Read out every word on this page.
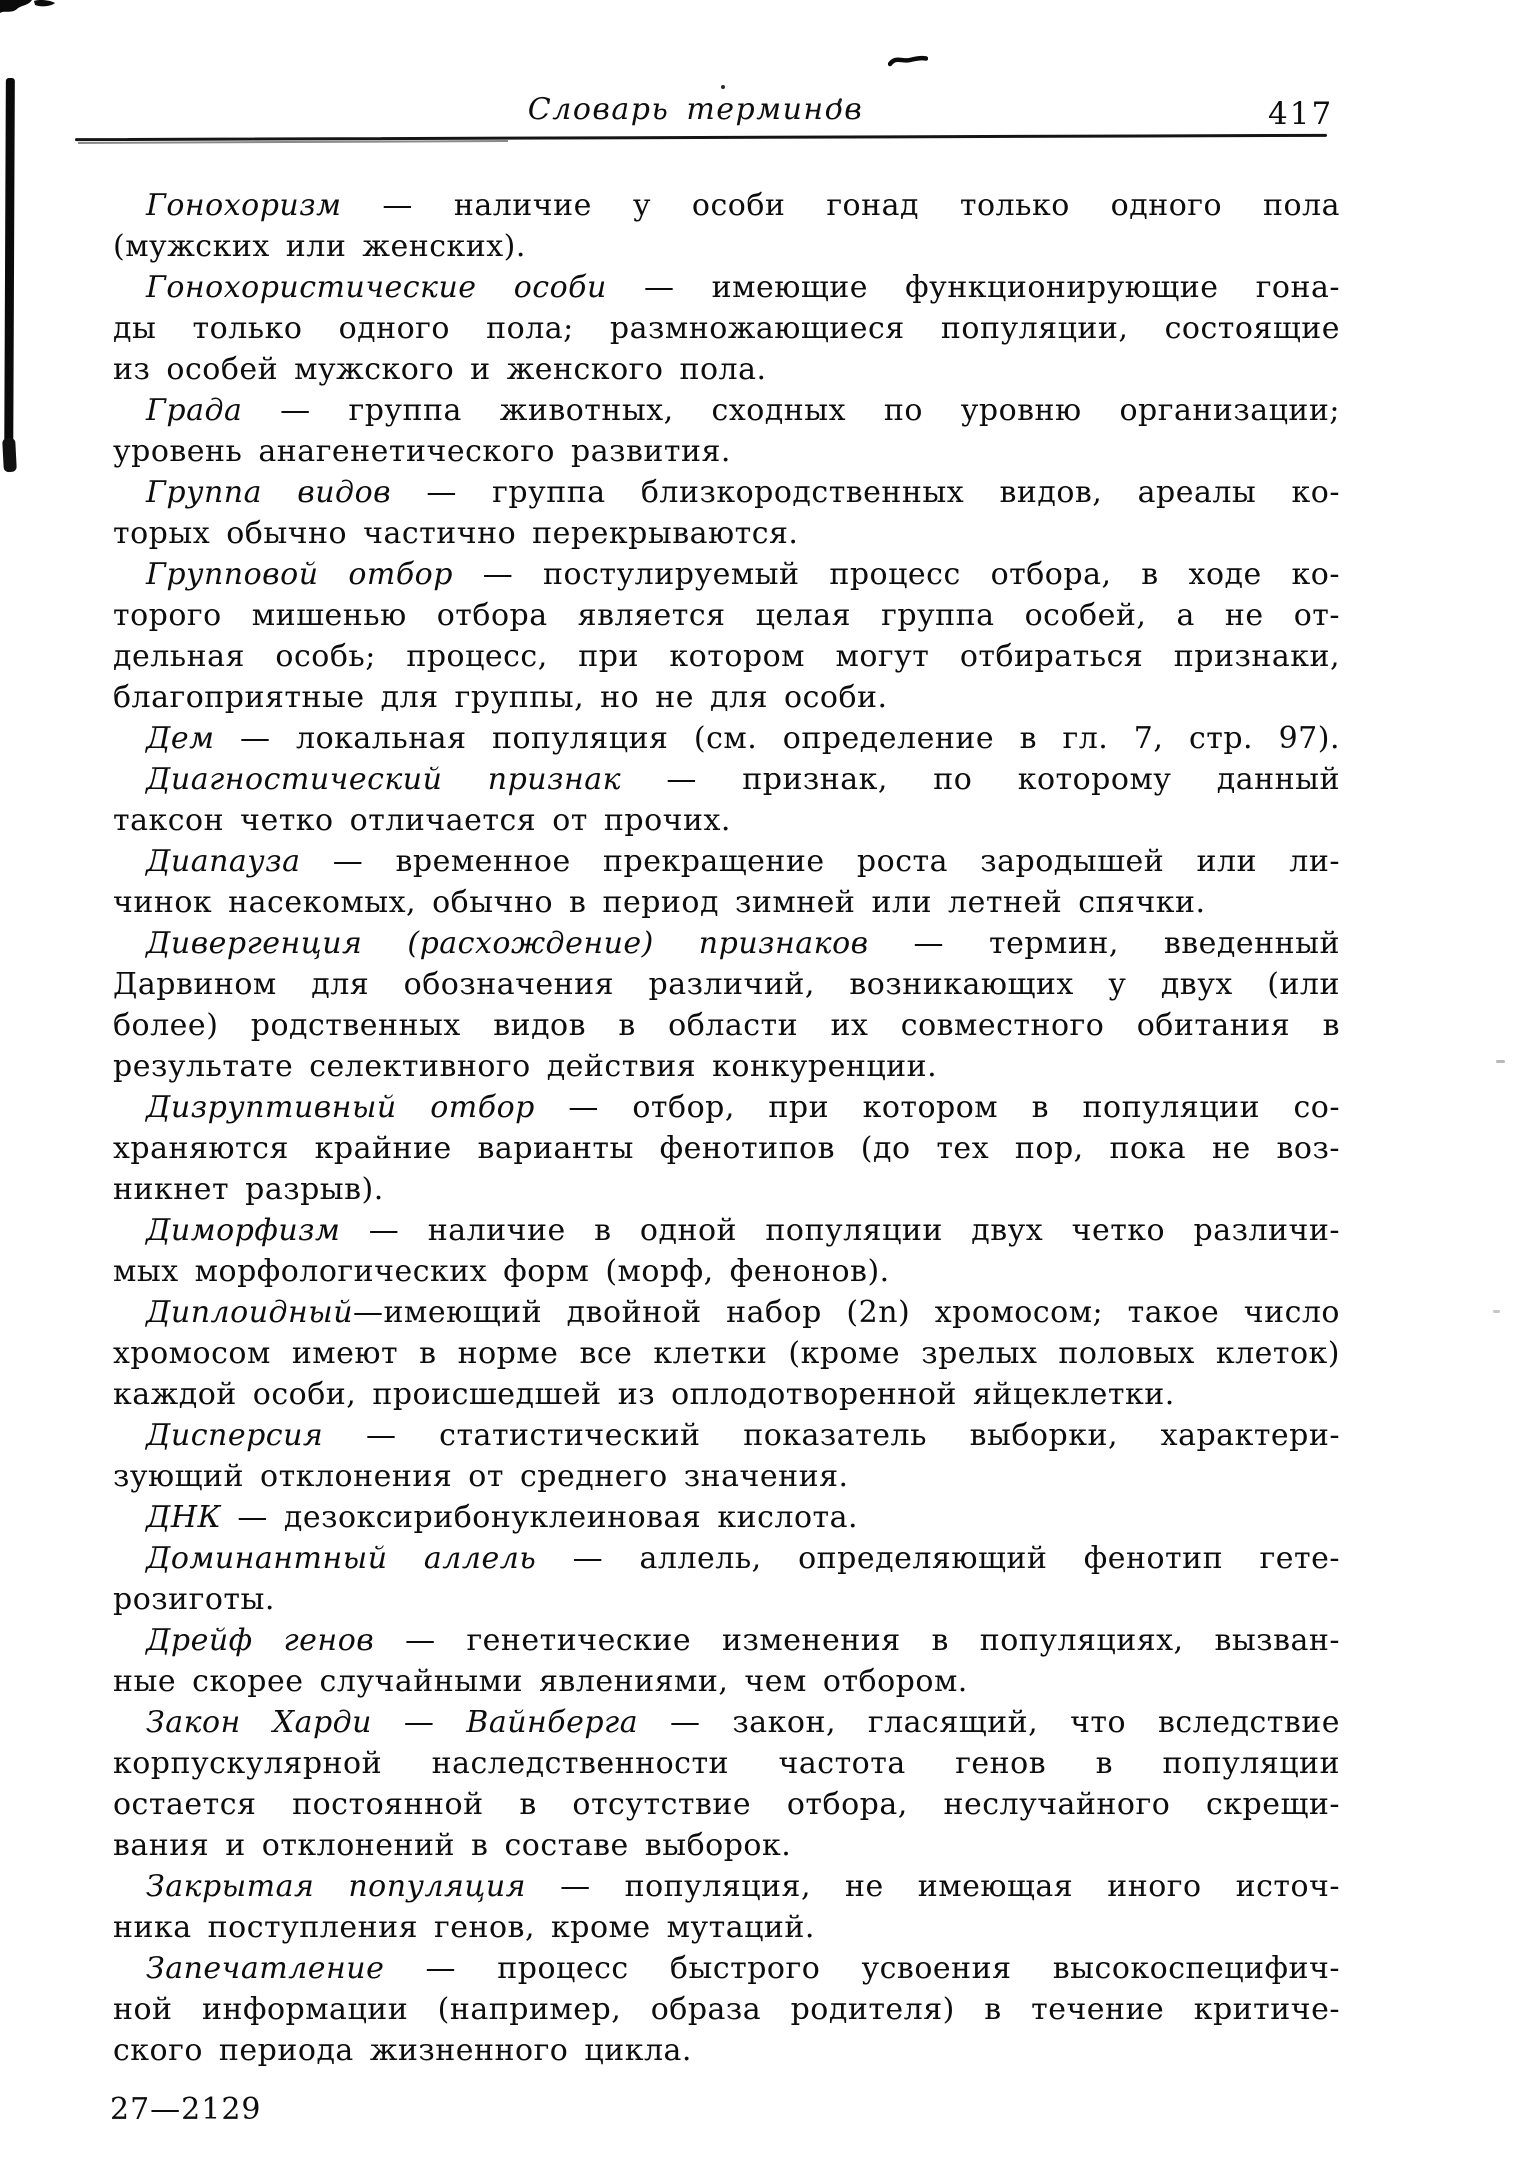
Словарь терминов	417
Гонохоризм — наличие у особи гонад только одного пола
(мужских или женских).
Гонохористические особи — имеющие функционирующие гона-
ды только одного пола; размножающиеся популяции, состоящие
из особей мужского и женского пола.
Града — группа животных, сходных по уровню организации;
уровень анагенетического развития.
Группа видов — группа близкородственных видов, ареалы ко-
торых обычно частично перекрываются.
Групповой отбор — постулируемый процесс отбора, в ходе ко-
торого мишенью отбора является целая группа особей, а не от-
дельная особь; процесс, при котором могут отбираться признаки,
благоприятные для группы, но не для особи.
Дем — локальная популяция (см. определение в гл. 7, стр. 97).
Диагностический признак — признак, по которому данный
таксон четко отличается от прочих.
Диапауза — временное прекращение роста зародышей или ли-
чинок насекомых, обычно в период зимней или летней спячки.
Дивергенция (расхождение) признаков — термин, введенный
Дарвином для обозначения различий, возникающих у двух (или
более) родственных видов в области их совместного обитания в
результате селективного действия конкуренции.
Дизруптивный отбор — отбор, при котором в популяции со-
храняются крайние варианты фенотипов (до тех пор, пока не воз-
никнет разрыв).
Диморфизм — наличие в одной популяции двух четко различи-
мых морфологических форм (морф, фенонов).
Диплоидный—имеющий двойной набор (2n) хромосом; такое число
хромосом имеют в норме все клетки (кроме зрелых половых клеток)
каждой особи, происшедшей из оплодотворенной яйцеклетки.
Дисперсия — статистический показатель выборки, характери-
зующий отклонения от среднего значения.
ДНК — дезоксирибонуклеиновая кислота.
Доминантный аллель — аллель, определяющий фенотип гете-
розиготы.
Дрейф генов — генетические изменения в популяциях, вызван-
ные скорее случайными явлениями, чем отбором.
Закон Харди — Вайнберга — закон, гласящий, что вследствие
корпускулярной наследственности частота генов в популяции
остается постоянной в отсутствие отбора, неслучайного скрещи-
вания и отклонений в составе выборок.
Закрытая популяция — популяция, не имеющая иного источ-
ника поступления генов, кроме мутаций.
Запечатление — процесс быстрого усвоения высокоспецифич-
ной информации (например, образа родителя) в течение критиче-
ского периода жизненного цикла.
27—2129
